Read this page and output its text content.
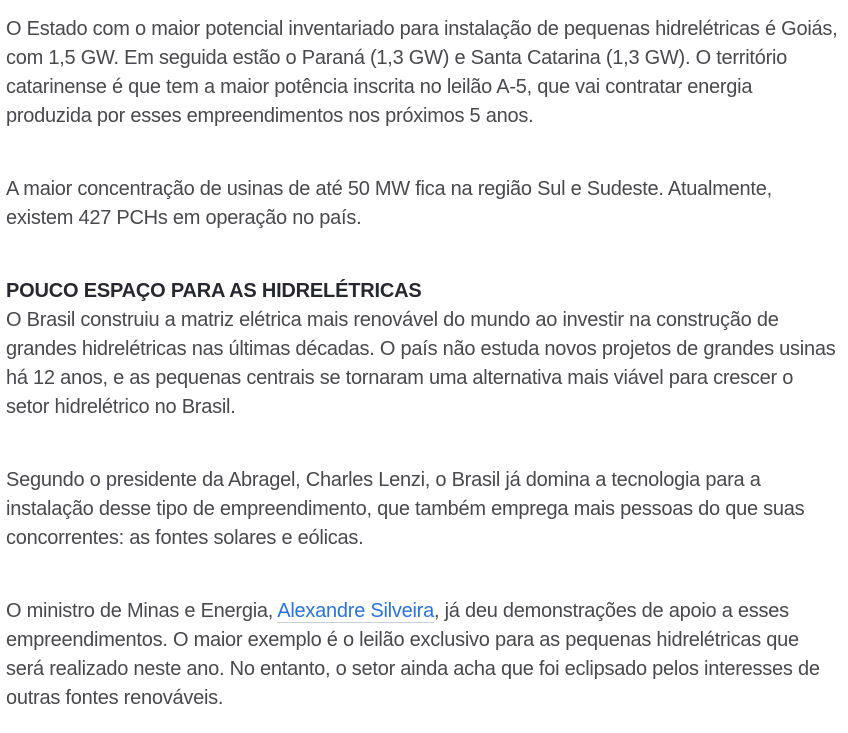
O Estado com o maior potencial inventariado para instalação de pequenas hidrelétricas é Goiás, com 1,5 GW. Em seguida estão o Paraná (1,3 GW) e Santa Catarina (1,3 GW). O território catarinense é que tem a maior potência inscrita no leilão A-5, que vai contratar energia produzida por esses empreendimentos nos próximos 5 anos.

A maior concentração de usinas de até 50 MW fica na região Sul e Sudeste. Atualmente, existem 427 PCHs em operação no país.

POUCO ESPAÇO PARA AS HIDRELÉTRICAS

O Brasil construiu a matriz elétrica mais renovável do mundo ao investir na construção de grandes hidrelétricas nas últimas décadas. O país não estuda novos projetos de grandes usinas há 12 anos, e as pequenas centrais se tornaram uma alternativa mais viável para crescer o setor hidrelétrico no Brasil.

Segundo o presidente da Abragel, Charles Lenzi, o Brasil já domina a tecnologia para a instalação desse tipo de empreendimento, que também emprega mais pessoas do que suas concorrentes: as fontes solares e eólicas.

O ministro de Minas e Energia, Alexandre Silveira, já deu demonstrações de apoio a esses empreendimentos. O maior exemplo é o leilão exclusivo para as pequenas hidrelétricas que será realizado neste ano. No entanto, o setor ainda acha que foi eclipsado pelos interesses de outras fontes renováveis.
